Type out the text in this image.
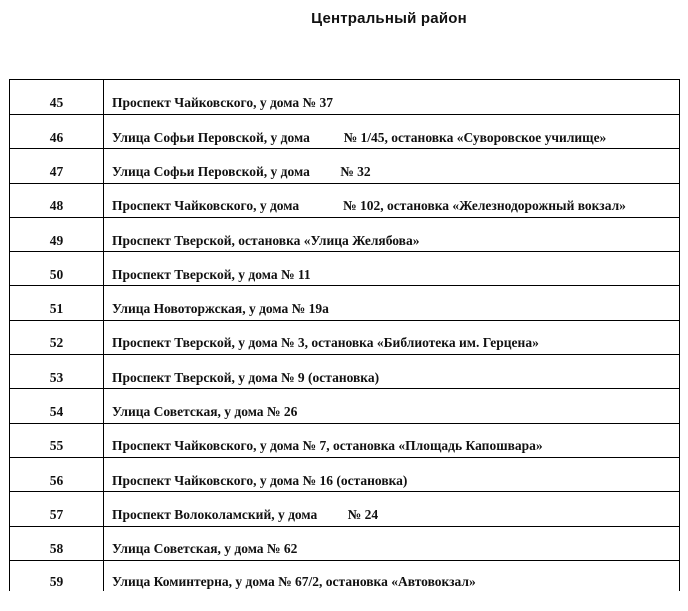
Центральный район
45	Проспект Чайковского, у дома № 37
46	Улица Софьи Перовской, у дома          № 1/45, остановка «Суворовское училище»
47	Улица Софьи Перовской, у дома         № 32
48	Проспект Чайковского, у дома             № 102, остановка «Железнодорожный вокзал»
49	Проспект Тверской, остановка «Улица Желябова»
50	Проспект Тверской, у дома № 11
51	Улица Новоторжская, у дома № 19а
52	Проспект Тверской, у дома № 3, остановка «Библиотека им. Герцена»
53	Проспект Тверской, у дома № 9 (остановка)
54	Улица Советская, у дома № 26
55	Проспект Чайковского, у дома № 7, остановка «Площадь Капошвара»
56	Проспект Чайковского, у дома № 16 (остановка)
57	Проспект Волоколамский, у дома         № 24
58	Улица Советская, у дома № 62
59	Улица Коминтерна, у дома № 67/2, остановка «Автовокзал»
